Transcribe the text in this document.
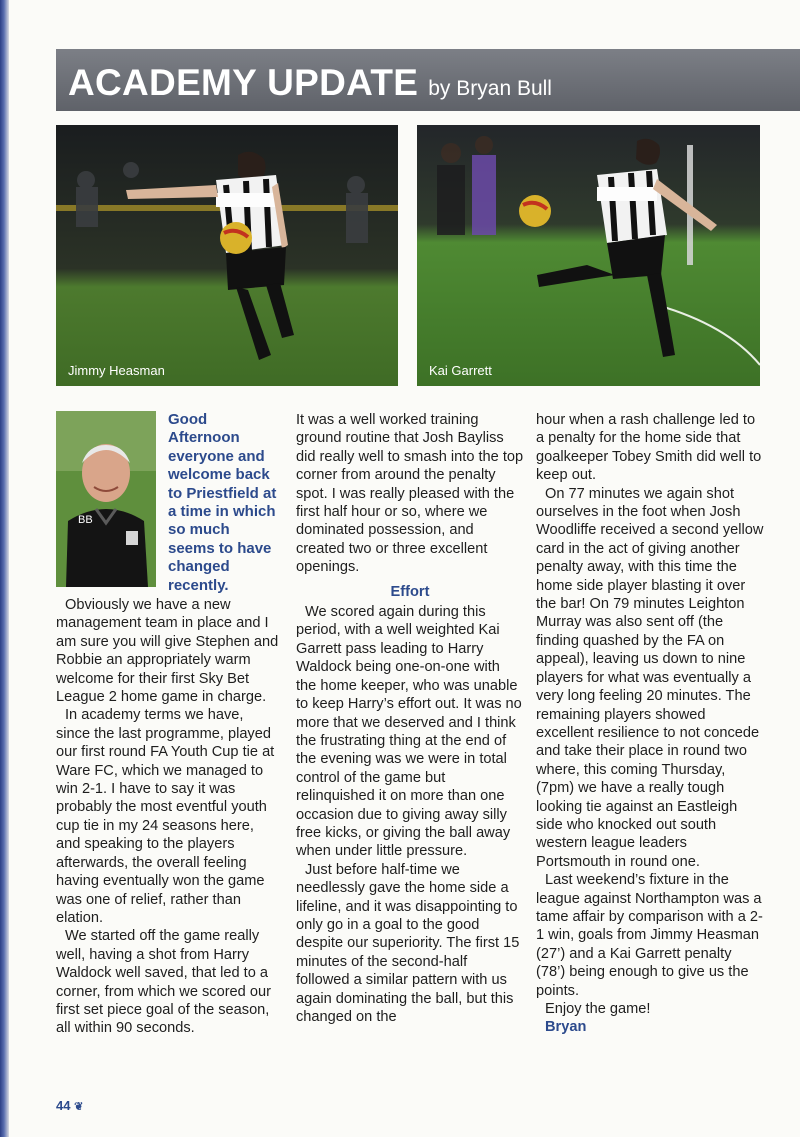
ACADEMY UPDATE by Bryan Bull
Jimmy Heasman	Kai Garrett
BB

Good Afternoon everyone and welcome back to Priestfield at a time in which so much seems to have changed recently.

Obviously we have a new management team in place and I am sure you will give Stephen and Robbie an appropriately warm welcome for their first Sky Bet League 2 home game in charge.

In academy terms we have, since the last programme, played our first round FA Youth Cup tie at Ware FC, which we managed to win 2-1. I have to say it was probably the most eventful youth cup tie in my 24 seasons here, and speaking to the players afterwards, the overall feeling having eventually won the game was one of relief, rather than elation.

We started off the game really well, having a shot from Harry Waldock well saved, that led to a corner, from which we scored our first set piece goal of the season, all within 90 seconds.

It was a well worked training ground routine that Josh Bayliss did really well to smash into the top corner from around the penalty spot. I was really pleased with the first half hour or so, where we dominated possession, and created two or three excellent openings.

Effort

We scored again during this period, with a well weighted Kai Garrett pass leading to Harry Waldock being one-on-one with the home keeper, who was unable to keep Harry’s effort out. It was no more that we deserved and I think the frustrating thing at the end of the evening was we were in total control of the game but relinquished it on more than one occasion due to giving away silly free kicks, or giving the ball away when under little pressure.

Just before half-time we needlessly gave the home side a lifeline, and it was disappointing to only go in a goal to the good despite our superiority. The first 15 minutes of the second-half followed a similar pattern with us again dominating the ball, but this changed on the

hour when a rash challenge led to a penalty for the home side that goalkeeper Tobey Smith did well to keep out.

On 77 minutes we again shot ourselves in the foot when Josh Woodliffe received a second yellow card in the act of giving another penalty away, with this time the home side player blasting it over the bar! On 79 minutes Leighton Murray was also sent off (the finding quashed by the FA on appeal), leaving us down to nine players for what was eventually a very long feeling 20 minutes. The remaining players showed excellent resilience to not concede and take their place in round two where, this coming Thursday, (7pm) we have a really tough looking tie against an Eastleigh side who knocked out south western league leaders Portsmouth in round one.

Last weekend’s fixture in the league against Northampton was a tame affair by comparison with a 2-1 win, goals from Jimmy Heasman (27’) and a Kai Garrett penalty (78’) being enough to give us the points.

Enjoy the game!

Bryan

44 ❦
